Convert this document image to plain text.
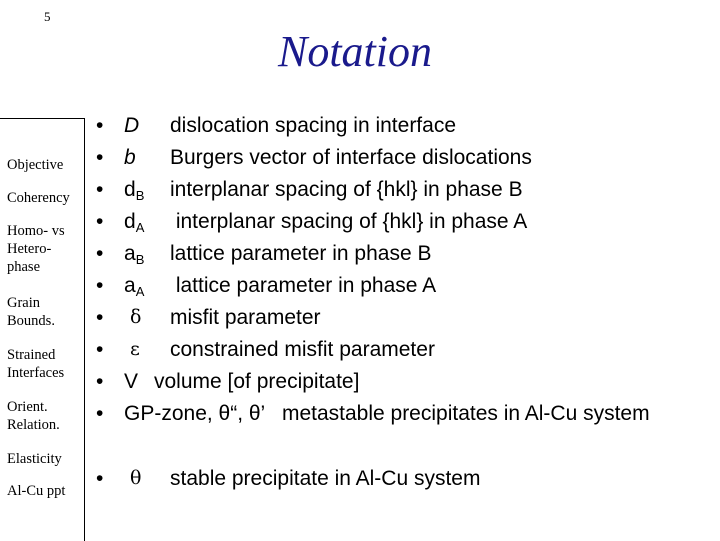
5
Notation
Objective
Coherency
Homo- vs
Hetero-
phase
Grain
Bounds.
Strained
Interfaces
Orient.
Relation.
Elasticity
Al-Cu ppt
• D dislocation spacing in interface
• b Burgers vector of interface dislocations
• $d_B$ interplanar spacing of {hkl} in phase B
• $d_A$ interplanar spacing of {hkl} in phase A
• $a_B$ lattice parameter in phase B
• $a_A$ lattice parameter in phase A
•	δ misfit parameter
•	ε constrained misfit parameter
• V volume [of precipitate]
• GP-zone, θ“, θ’   metastable precipitates in Al-Cu system
•	θ stable precipitate in Al-Cu system
